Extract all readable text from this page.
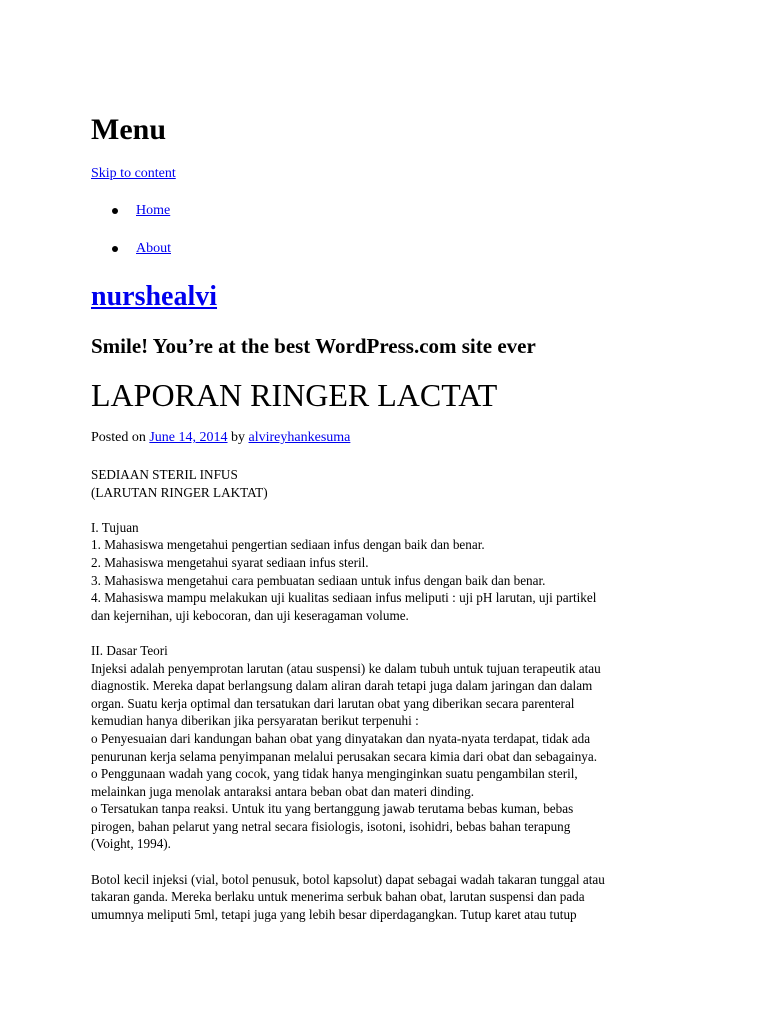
Menu
Skip to content
Home
About
nurshealvi
Smile! You’re at the best WordPress.com site ever
LAPORAN RINGER LACTAT
Posted on June 14, 2014 by alvireyhankesuma

SEDIAAN STERIL INFUS
(LARUTAN RINGER LAKTAT)

I. Tujuan
1. Mahasiswa mengetahui pengertian sediaan infus dengan baik dan benar.
2. Mahasiswa mengetahui syarat sediaan infus steril.
3. Mahasiswa mengetahui cara pembuatan sediaan untuk infus dengan baik dan benar.
4. Mahasiswa mampu melakukan uji kualitas sediaan infus meliputi : uji pH larutan, uji partikel
dan kejernihan, uji kebocoran, dan uji keseragaman volume.

II. Dasar Teori
Injeksi adalah penyemprotan larutan (atau suspensi) ke dalam tubuh untuk tujuan terapeutik atau
diagnostik. Mereka dapat berlangsung dalam aliran darah tetapi juga dalam jaringan dan dalam
organ. Suatu kerja optimal dan tersatukan dari larutan obat yang diberikan secara parenteral
kemudian hanya diberikan jika persyaratan berikut terpenuhi :
o Penyesuaian dari kandungan bahan obat yang dinyatakan dan nyata-nyata terdapat, tidak ada
penurunan kerja selama penyimpanan melalui perusakan secara kimia dari obat dan sebagainya.
o Penggunaan wadah yang cocok, yang tidak hanya menginginkan suatu pengambilan steril,
melainkan juga menolak antaraksi antara beban obat dan materi dinding.
o Tersatukan tanpa reaksi. Untuk itu yang bertanggung jawab terutama bebas kuman, bebas
pirogen, bahan pelarut yang netral secara fisiologis, isotoni, isohidri, bebas bahan terapung
(Voight, 1994).

Botol kecil injeksi (vial, botol penusuk, botol kapsolut) dapat sebagai wadah takaran tunggal atau
takaran ganda. Mereka berlaku untuk menerima serbuk bahan obat, larutan suspensi dan pada
umumnya meliputi 5ml, tetapi juga yang lebih besar diperdagangkan. Tutup karet atau tutup
